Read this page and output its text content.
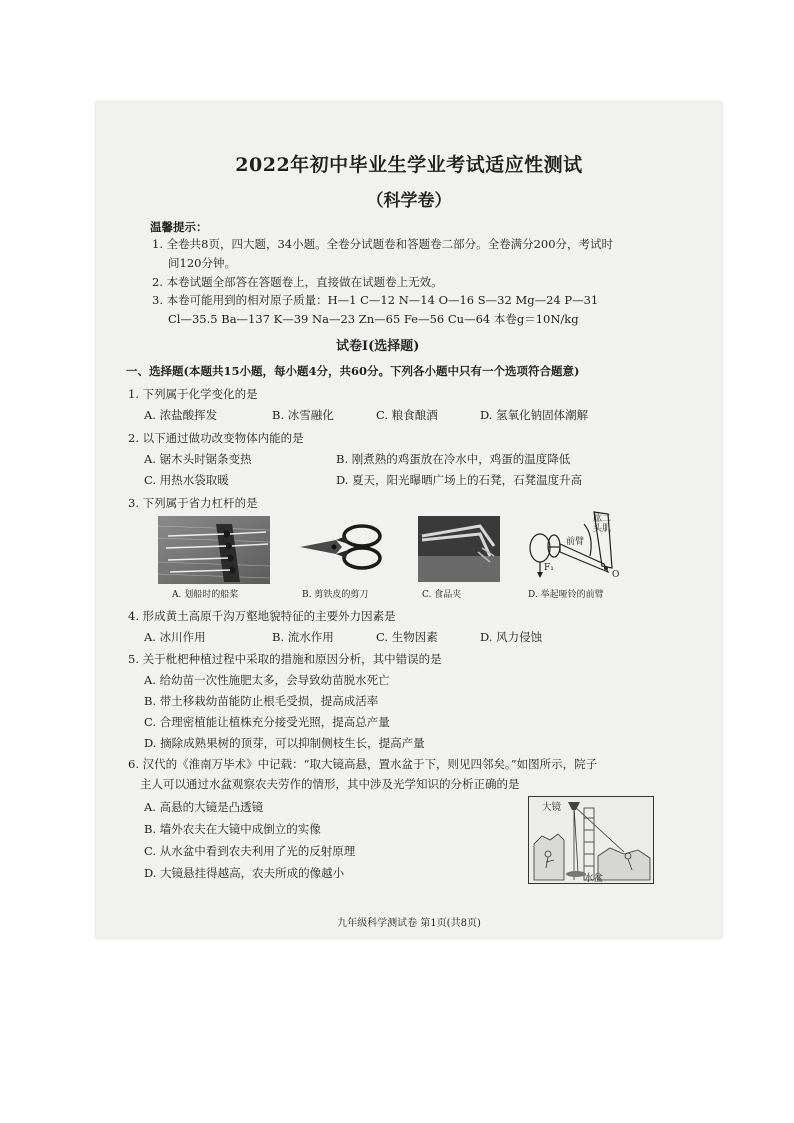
2022年初中毕业生学业考试适应性测试
（科学卷）
温馨提示：
1. 全卷共8页，四大题，34小题。全卷分试题卷和答题卷二部分。全卷满分200分，考试时
间120分钟。
2. 本卷试题全部答在答题卷上，直接做在试题卷上无效。
3. 本卷可能用到的相对原子质量：H—1 C—12 N—14 O—16 S—32 Mg—24 P—31
Cl—35.5 Ba—137 K—39 Na—23 Zn—65 Fe—56 Cu—64 本卷g＝10N/kg
试卷Ⅰ(选择题)
一、选择题(本题共15小题，每小题4分，共60分。下列各小题中只有一个选项符合题意)
1. 下列属于化学变化的是
A. 浓盐酸挥发	B. 冰雪融化	C. 粮食酿酒	D. 氢氧化钠固体潮解
2. 以下通过做功改变物体内能的是
A. 锯木头时锯条变热	B. 刚煮熟的鸡蛋放在冷水中，鸡蛋的温度降低
C. 用热水袋取暖	D. 夏天，阳光曝晒广场上的石凳，石凳温度升高
3. 下列属于省力杠杆的是
A. 划船时的船桨	B. 剪铁皮的剪刀	C. 食品夹
肱二
头肌
前臂
F₁
O
D. 举起哑铃的前臂
4. 形成黄土高原千沟万壑地貌特征的主要外力因素是
A. 冰川作用	B. 流水作用	C. 生物因素	D. 风力侵蚀
5. 关于枇杷种植过程中采取的措施和原因分析，其中错误的是
A. 给幼苗一次性施肥太多，会导致幼苗脱水死亡
B. 带土移栽幼苗能防止根毛受损，提高成活率
C. 合理密植能让植株充分接受光照，提高总产量
D. 摘除成熟果树的顶芽，可以抑制侧枝生长，提高产量
6. 汉代的《淮南万毕术》中记载：“取大镜高悬，置水盆于下，则见四邻矣。”如图所示，院子
主人可以通过水盆观察农夫劳作的情形，其中涉及光学知识的分析正确的是
A. 高悬的大镜是凸透镜
B. 墙外农夫在大镜中成倒立的实像
C. 从水盆中看到农夫利用了光的反射原理
D. 大镜悬挂得越高，农夫所成的像越小
大镜
水盆
九年级科学测试卷 第1页(共8页)
